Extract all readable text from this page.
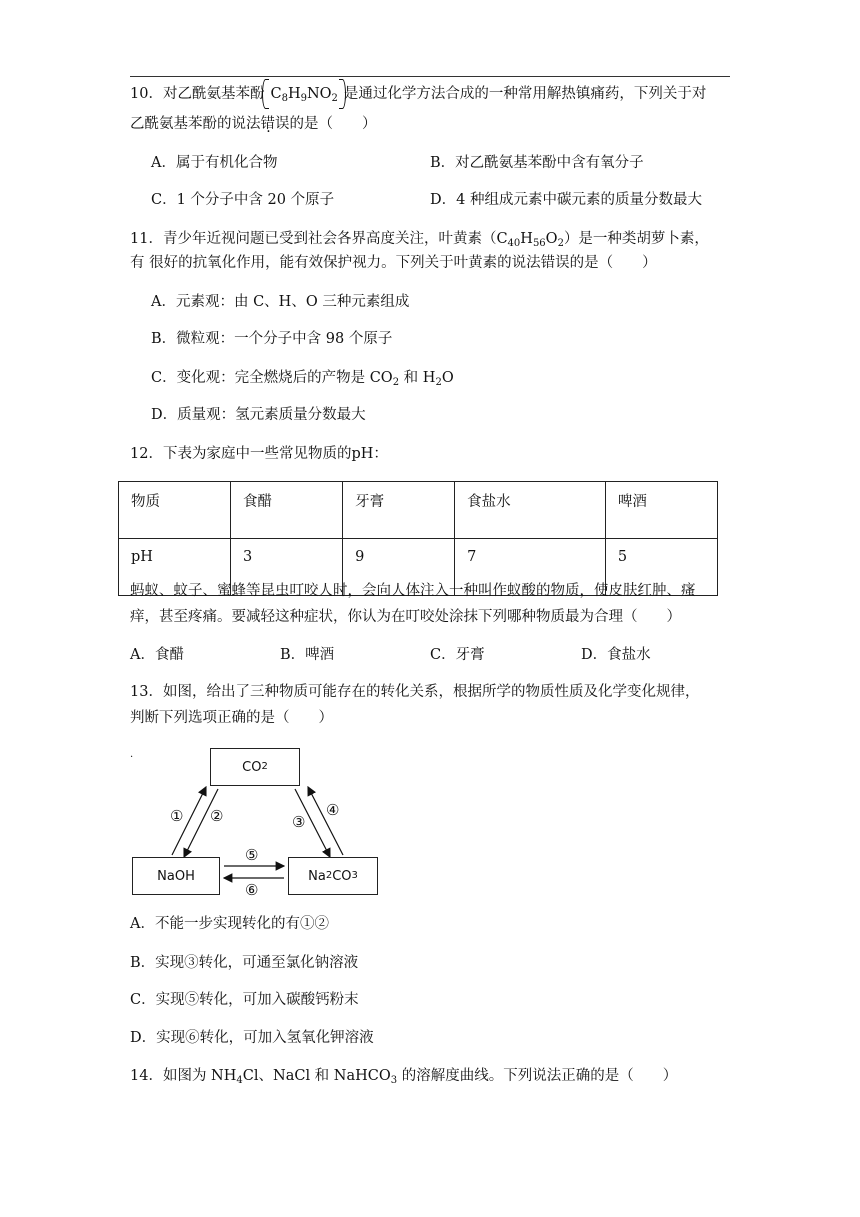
10．对乙酰氨基苯酚 $C_8H_9NO_2$ 是通过化学方法合成的一种常用解热镇痛药，下列关于对
乙酰氨基苯酚的说法错误的是（　　）
A．属于有机化合物	B．对乙酰氨基苯酚中含有氧分子
C．1 个分子中含 20 个原子	D．4 种组成元素中碳元素的质量分数最大
11．青少年近视问题已受到社会各界高度关注，叶黄素$(C_{40}H_{56}O_2)$是一种类胡萝卜素，
有 很好的抗氧化作用，能有效保护视力。下列关于叶黄素的说法错误的是（　　）
A．元素观：由 C、H、O 三种元素组成
B．微粒观：一个分子中含 98 个原子
C．变化观：完全燃烧后的产物是 $CO_2$ 和 $H_2O$
D．质量观：氢元素质量分数最大
12．下表为家庭中一些常见物质的pH：
物质	食醋	牙膏	食盐水	啤酒
pH	3	9	7	5
蚂蚁、蚊子、蜜蜂等昆虫叮咬人时，会向人体注入一种叫作蚁酸的物质，使皮肤红肿、瘙
痒，甚至疼痛。要减轻这种症状，你认为在叮咬处涂抹下列哪种物质最为合理（　　）
A．食醋	B．啤酒	C．牙膏	D．食盐水
13．如图，给出了三种物质可能存在的转化关系，根据所学的物质性质及化学变化规律，
判断下列选项正确的是（　　）
.
CO 2
NaOH	Na 2 CO 3
① ②	③
④
⑤
⑥
A．不能一步实现转化的有①②
B．实现③转化，可通至氯化钠溶液
C．实现⑤转化，可加入碳酸钙粉末
D．实现⑥转化，可加入氢氧化钾溶液
14．如图为 $NH_4Cl$、NaCl 和 NaHCO$_3$ 的溶解度曲线。下列说法正确的是（　　）
